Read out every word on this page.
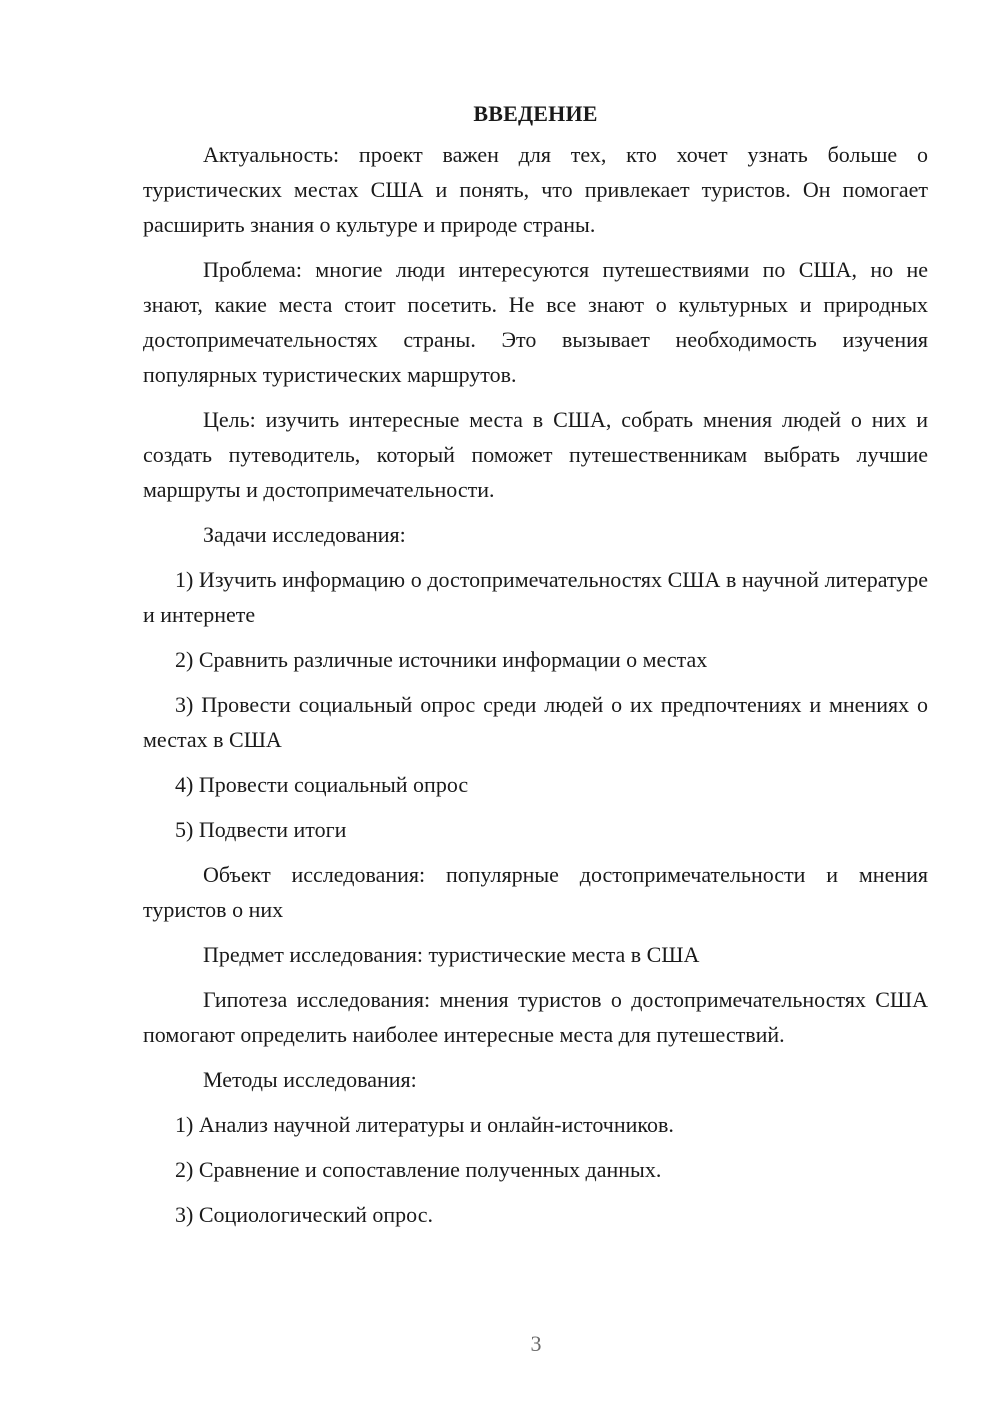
ВВЕДЕНИЕ

Актуальность: проект важен для тех, кто хочет узнать больше о туристических местах США и понять, что привлекает туристов. Он помогает расширить знания о культуре и природе страны.

Проблема: многие люди интересуются путешествиями по США, но не знают, какие места стоит посетить. Не все знают о культурных и природных достопримечательностях страны. Это вызывает необходимость изучения популярных туристических маршрутов.

Цель: изучить интересные места в США, собрать мнения людей о них и создать путеводитель, который поможет путешественникам выбрать лучшие маршруты и достопримечательности.

Задачи исследования:

1) Изучить информацию о достопримечательностях США в научной литературе и интернете

2) Сравнить различные источники информации о местах

3) Провести социальный опрос среди людей о их предпочтениях и мнениях о местах в США

4) Провести социальный опрос

5) Подвести итоги

Объект исследования: популярные достопримечательности и мнения туристов о них

Предмет исследования: туристические места в США

Гипотеза исследования: мнения туристов о достопримечательностях США помогают определить наиболее интересные места для путешествий.

Методы исследования:

1) Анализ научной литературы и онлайн-источников.

2) Сравнение и сопоставление полученных данных.

3) Социологический опрос.

3
